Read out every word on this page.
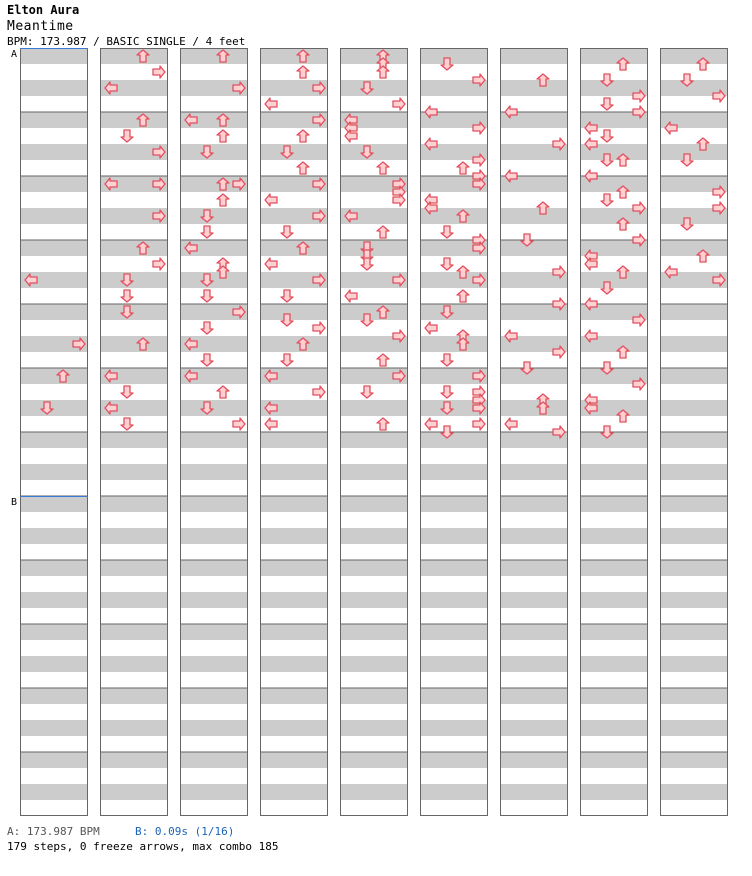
Elton Aura
Meantime
BPM: 173.987 / BASIC SINGLE / 4 feet
A
B
A: 173.987 BPM	B: 0.09s (1/16)
179 steps, 0 freeze arrows, max combo 185
